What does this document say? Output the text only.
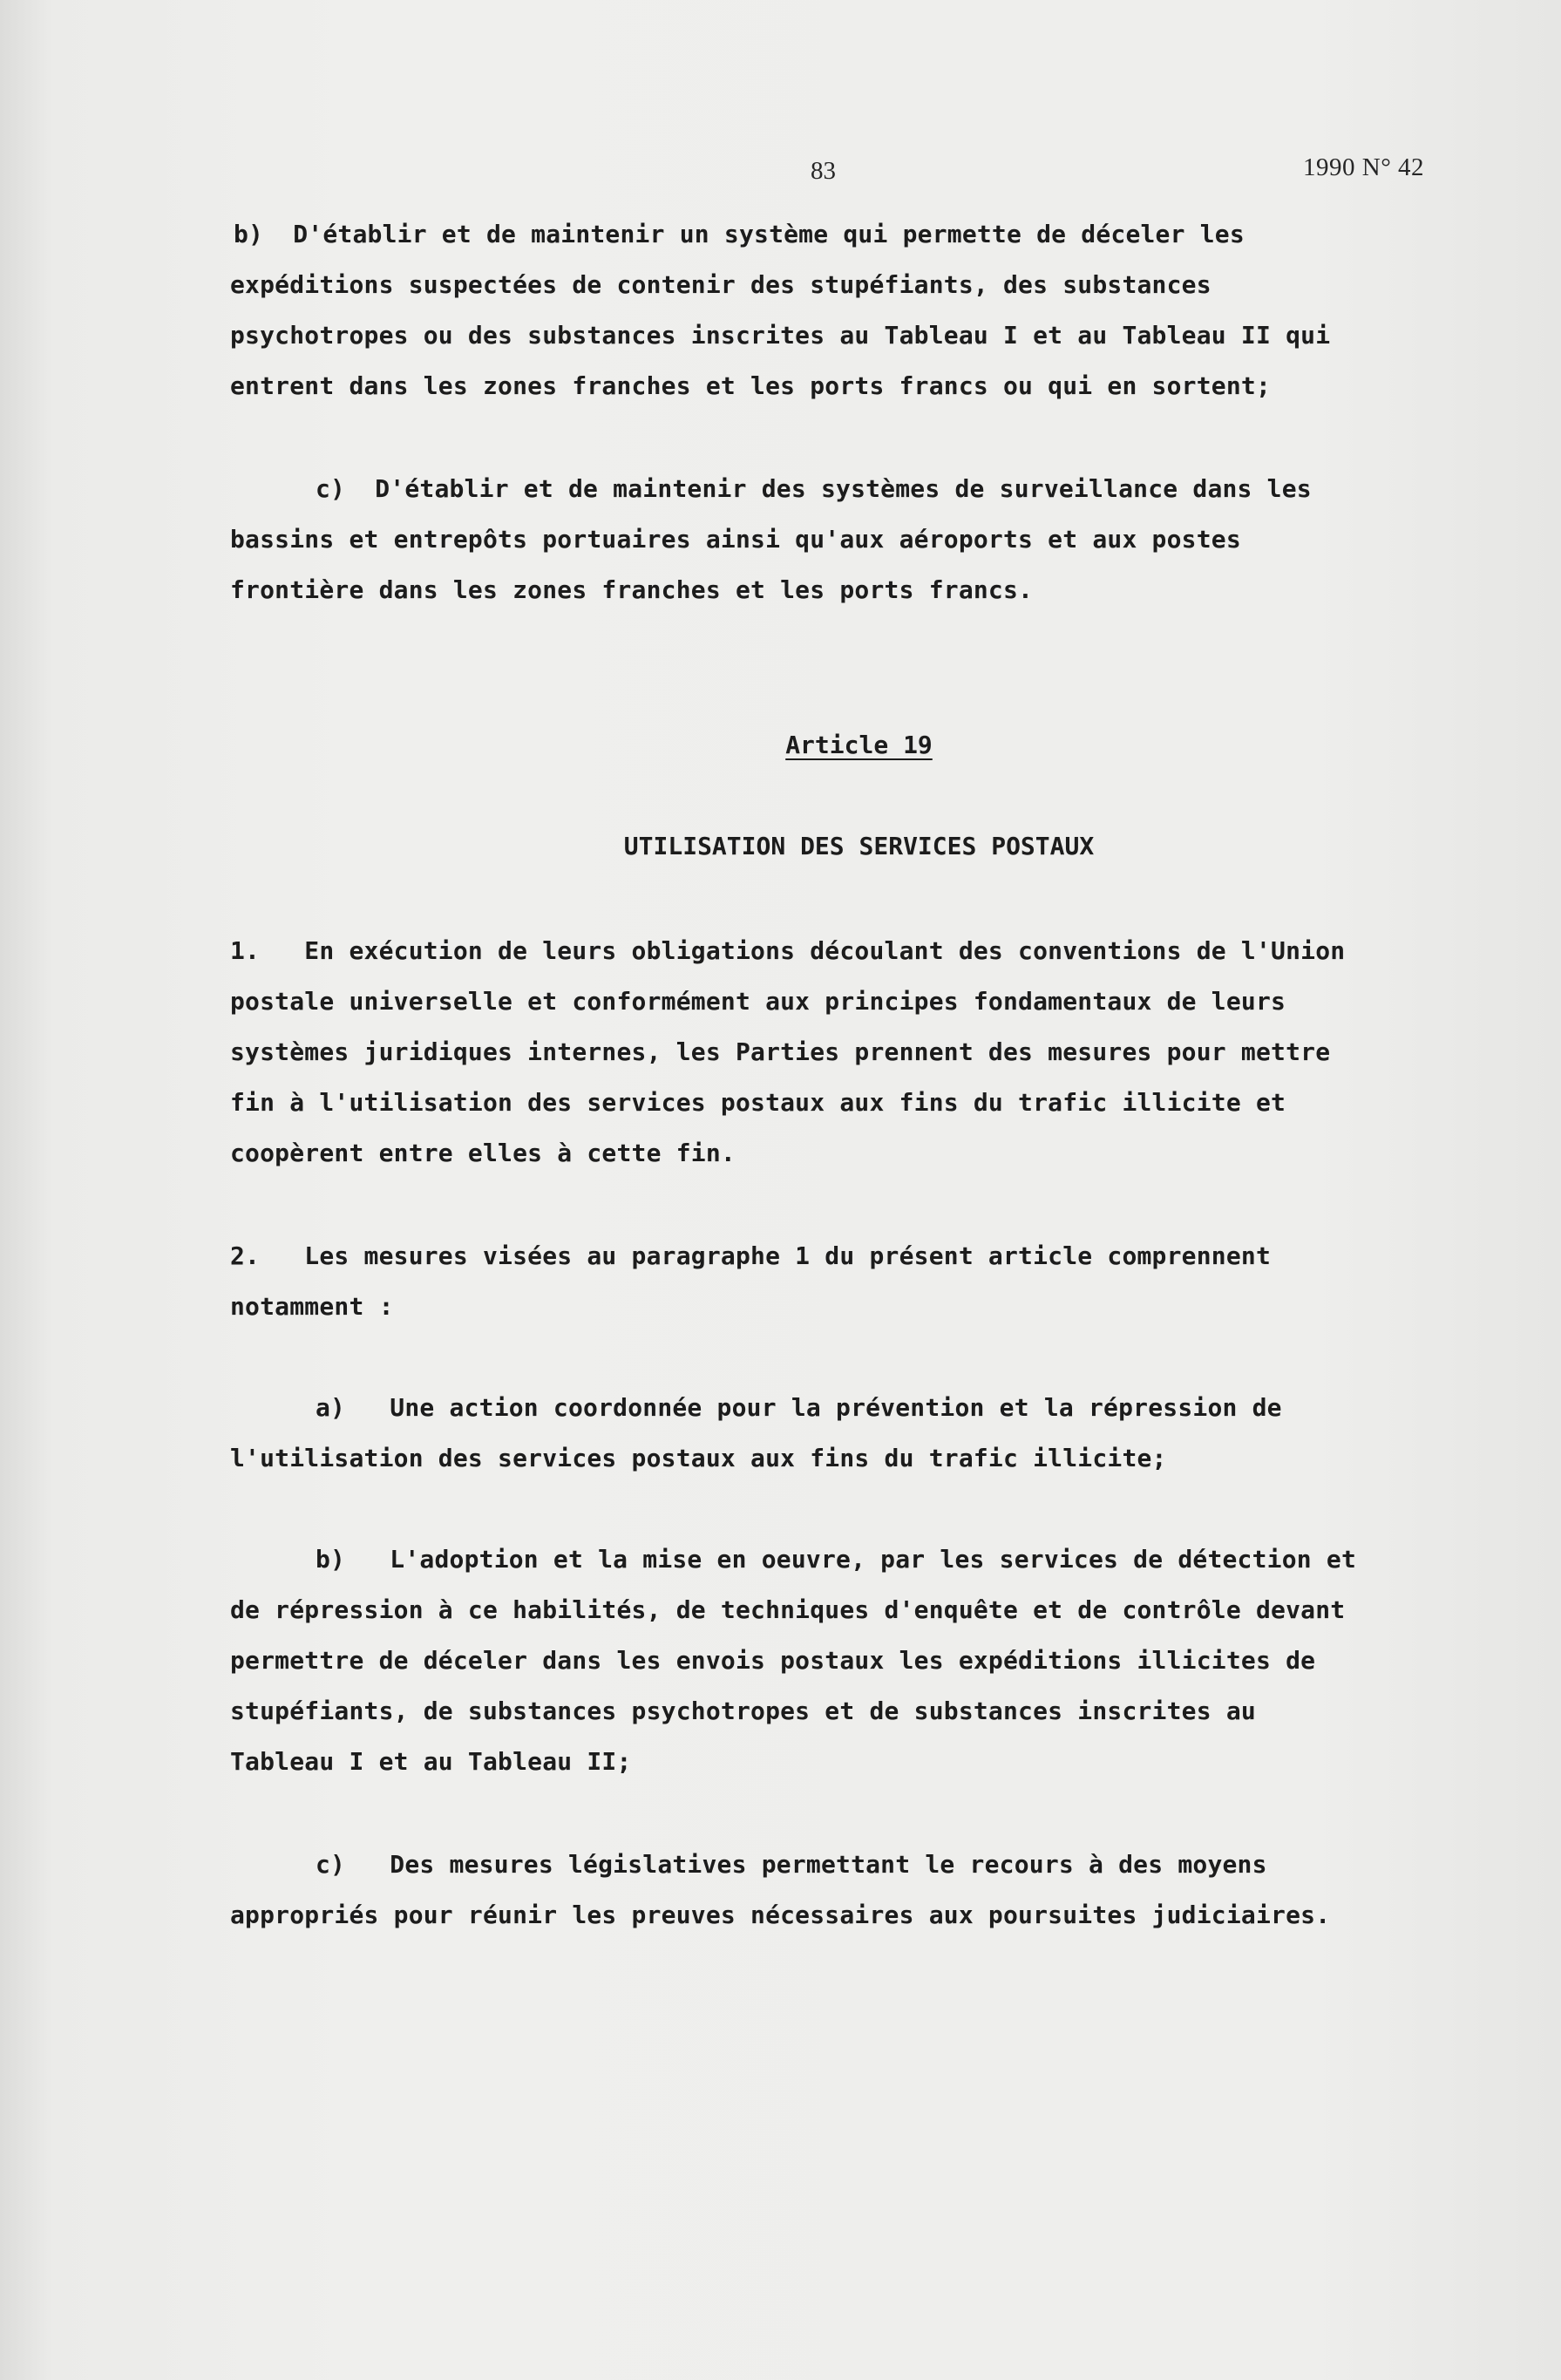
83	1990 N° 42
b)  D'établir et de maintenir un système qui permette de déceler les
expéditions suspectées de contenir des stupéfiants, des substances
psychotropes ou des substances inscrites au Tableau I et au Tableau II qui
entrent dans les zones franches et les ports francs ou qui en sortent;
c)  D'établir et de maintenir des systèmes de surveillance dans les
bassins et entrepôts portuaires ainsi qu'aux aéroports et aux postes
frontière dans les zones franches et les ports francs.
Article 19
UTILISATION DES SERVICES POSTAUX
1.   En exécution de leurs obligations découlant des conventions de l'Union
postale universelle et conformément aux principes fondamentaux de leurs
systèmes juridiques internes, les Parties prennent des mesures pour mettre
fin à l'utilisation des services postaux aux fins du trafic illicite et
coopèrent entre elles à cette fin.
2.   Les mesures visées au paragraphe 1 du présent article comprennent
notamment :
a)   Une action coordonnée pour la prévention et la répression de
l'utilisation des services postaux aux fins du trafic illicite;
b)   L'adoption et la mise en oeuvre, par les services de détection et
de répression à ce habilités, de techniques d'enquête et de contrôle devant
permettre de déceler dans les envois postaux les expéditions illicites de
stupéfiants, de substances psychotropes et de substances inscrites au
Tableau I et au Tableau II;
c)   Des mesures législatives permettant le recours à des moyens
appropriés pour réunir les preuves nécessaires aux poursuites judiciaires.
